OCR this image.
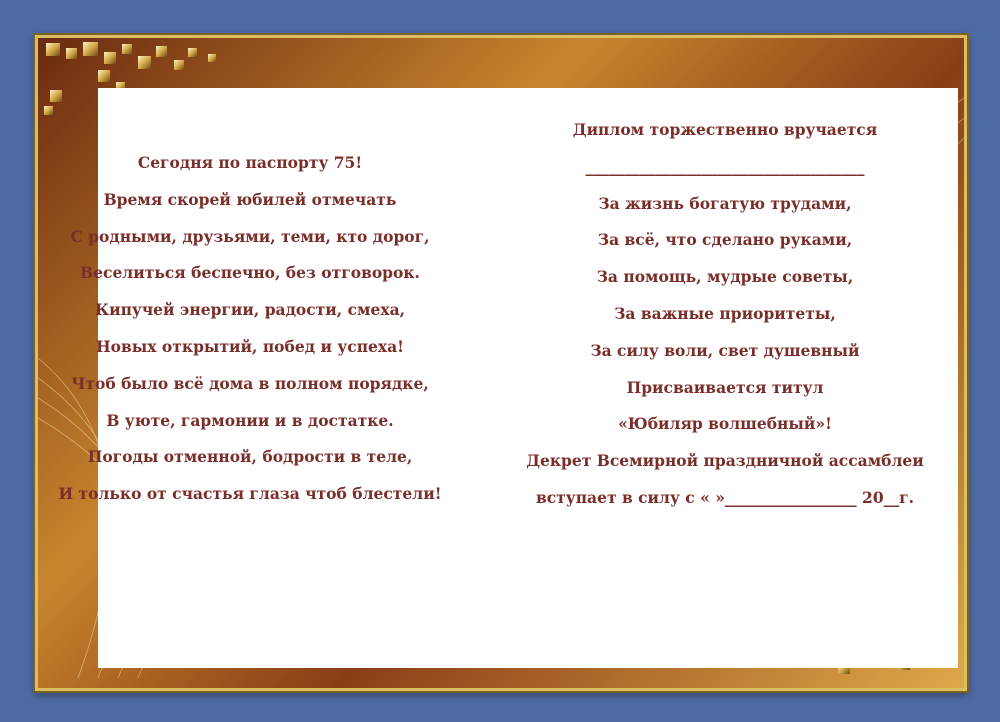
Сегодня по паспорту 75!
Время скорей юбилей отмечать
С родными, друзьями, теми, кто дорог,
Веселиться беспечно, без отговорок.
Кипучей энергии, радости, смеха,
Новых открытий, побед и успеха!
Чтоб было всё дома в полном порядке,
В уюте, гармонии и в достатке.
Погоды отменной, бодрости в теле,
И только от счастья глаза чтоб блестели!
Диплом торжественно вручается
____________________________________
За жизнь богатую трудами,
За всё, что сделано руками,
За помощь, мудрые советы,
За важные приоритеты,
За силу воли, свет душевный
Присваивается титул
«Юбиляр волшебный»!
Декрет Всемирной праздничной ассамблеи
вступает в силу с « »_________________ 20__г.
